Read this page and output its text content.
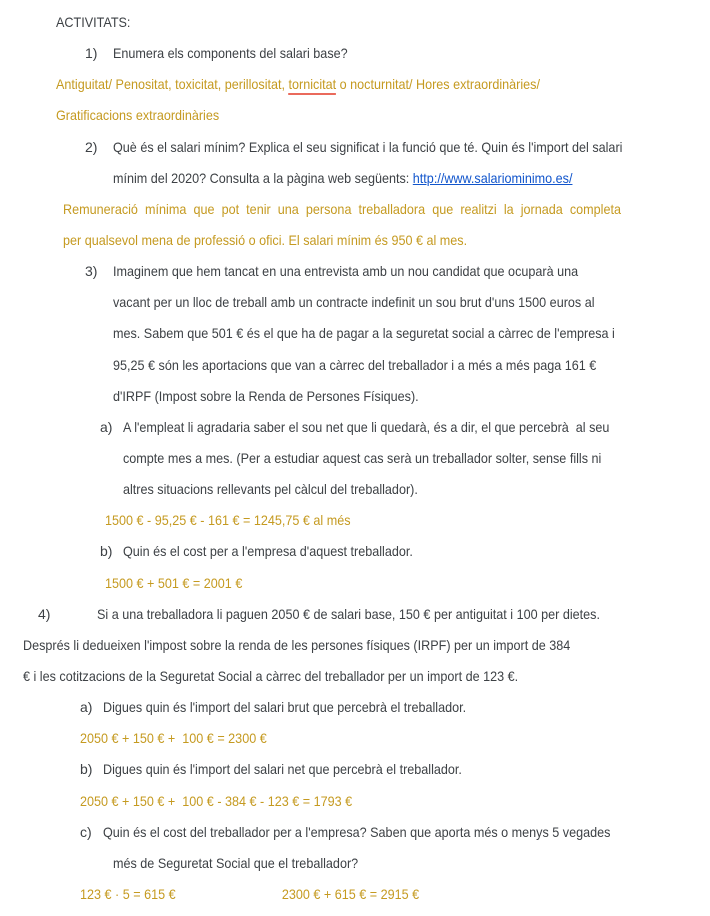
ACTIVITATS:
1) Enumera els components del salari base?
Antiguitat/ Penositat, toxicitat, perillositat, tornicitat o nocturnitat/ Hores extraordinàries/
Gratificacions extraordinàries
2) Què és el salari mínim? Explica el seu significat i la funció que té. Quin és l'import del salari
mínim del 2020? Consulta a la pàgina web següents: http://www.salariominimo.es/
Remuneració mínima que pot tenir una persona treballadora que realitzi la jornada completa
per qualsevol mena de professió o ofici. El salari mínim és 950 € al mes.
3) Imaginem que hem tancat en una entrevista amb un nou candidat que ocuparà una
vacant per un lloc de treball amb un contracte indefinit un sou brut d'uns 1500 euros al
mes. Sabem que 501 € és el que ha de pagar a la seguretat social a càrrec de l'empresa i
95,25 € són les aportacions que van a càrrec del treballador i a més a més paga 161 €
d'IRPF (Impost sobre la Renda de Persones Físiques).
a) A l'empleat li agradaria saber el sou net que li quedarà, és a dir, el que percebrà  al seu
compte mes a mes. (Per a estudiar aquest cas serà un treballador solter, sense fills ni
altres situacions rellevants pel càlcul del treballador).
1500 € - 95,25 € - 161 € = 1245,75 € al més
b) Quin és el cost per a l'empresa d'aquest treballador.
1500 € + 501 € = 2001 €
4)	Si a una treballadora li paguen 2050 € de salari base, 150 € per antiguitat i 100 per dietes.
Després li dedueixen l'impost sobre la renda de les persones físiques (IRPF) per un import de 384
€ i les cotitzacions de la Seguretat Social a càrrec del treballador per un import de 123 €.
a) Digues quin és l'import del salari brut que percebrà el treballador.
2050 € + 150 € +  100 € = 2300 €
b) Digues quin és l'import del salari net que percebrà el treballador.
2050 € + 150 € +  100 € - 384 € - 123 € = 1793 €
c) Quin és el cost del treballador per a l'empresa? Saben que aporta més o menys 5 vegades
més de Seguretat Social que el treballador?
123 € · 5 = 615 €	2300 € + 615 € = 2915 €
